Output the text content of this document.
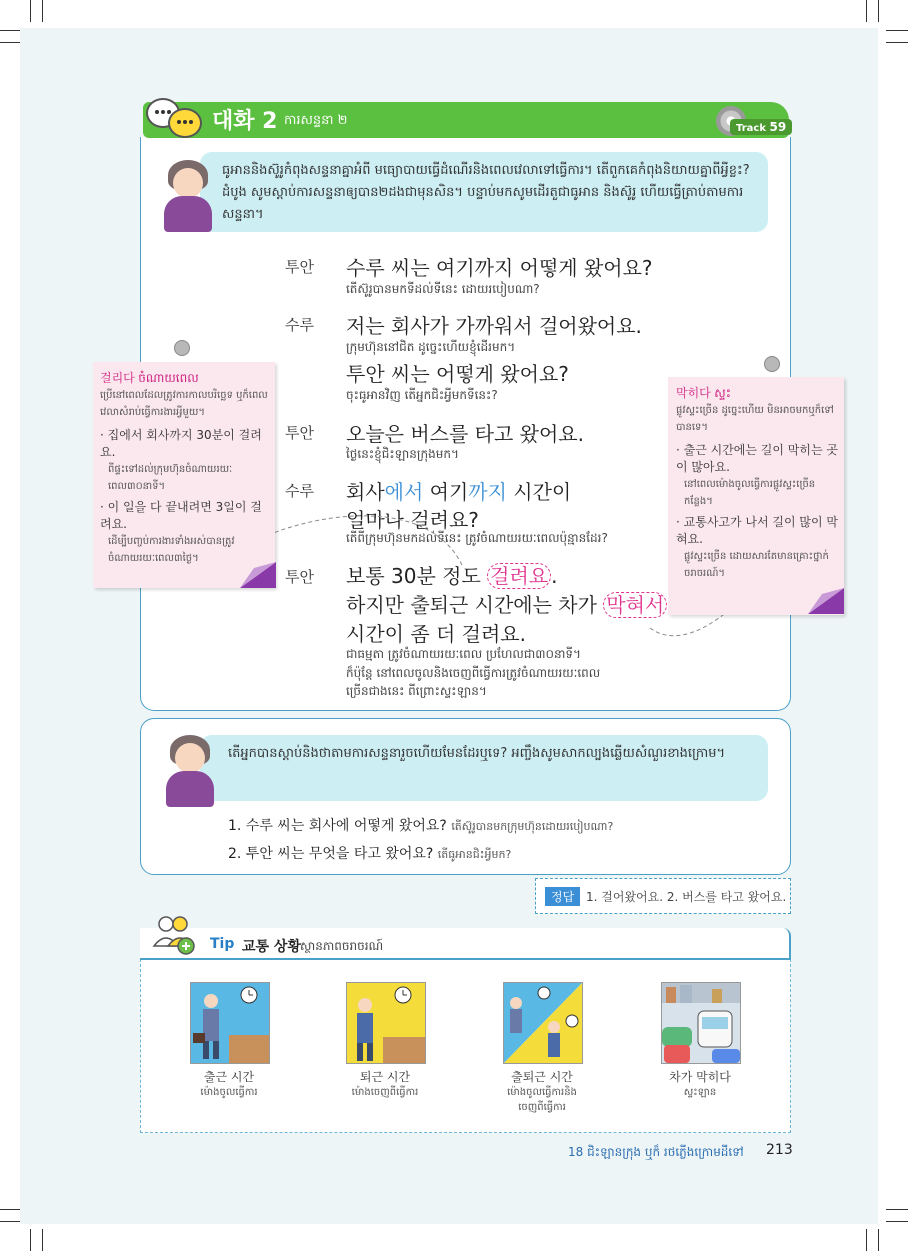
대화 2 ការសន្ទនា ២
Track 59
ធូអាន​និងស៊ូរូកំពុងសន្ទនាគ្នាអំពី មធ្យោបាយធ្វើដំណើរនិងពេលវេលាទៅធ្វើការ។ តើពួកគេកំពុងនិយាយគ្នាពីអ្វីខ្លះ? ដំបូង សូមស្តាប់ការសន្ទនាឲ្យបាន២ដងជាមុនសិន។ បន្ទាប់មកសូមដើរតួជាធូអាន និងស៊ូរូ ហើយធ្វើត្រាប់តាមការសន្ទនា។
투안 수루 씨는 여기까지 어떻게 왔어요?
តើស៊ូរូបានមកទីដល់ទីនេះ ដោយរបៀបណា?
수루 저는 회사가 가까워서 걸어왔어요.
ក្រុមហ៊ុននៅជិត ដូច្នេះហើយខ្ញុំដើរមក។
투안 씨는 어떻게 왔어요?
ចុះធូអានវិញ តើអ្នកជិះអ្វីមកទីនេះ?
투안 오늘은 버스를 타고 왔어요.
ថ្ងៃនេះខ្ញុំជិះឡានក្រុងមក។
수루 회사에서 여기까지 시간이
얼마나 걸려요?
តើពីក្រុមហ៊ុនមកដល់ទីនេះ ត្រូវចំណាយរយៈពេលប៉ុន្មានដែរ?
투안 보통 30분 정도 걸려요 .
하지만 출퇴근 시간에는 차가 막혀서
시간이 좀 더 걸려요.
ជាធម្មតា ត្រូវចំណាយរយៈពេល ប្រហែលជា៣០នាទី។
ក៏ប៉ុន្តែ នៅពេលចូលនិងចេញពីធ្វើការត្រូវចំណាយរយៈពេល
ច្រើនជាងនេះ ពីព្រោះស្ទះឡាន។
걸리다 ចំណាយពេល
ប្រើនៅពេលដែលត្រូវការកាលបរិច្ឆេទ ឬក៏ពេលវេលាសំរាប់ធ្វើការងារអ្វីមួយ។
· 집에서 회사까지 30분이 걸려요.
ពីផ្ទះទៅដល់ក្រុមហ៊ុនចំណាយរយៈពេល៣០នាទី។
· 이 일을 다 끝내려면 3일이 걸려요.
ដើម្បីបញ្ចប់ការងារទាំងអស់បានត្រូវចំណាយរយៈពេល៣ថ្ងៃ។
막히다 ស្ទះ
ផ្លូវស្ទះច្រើន ដូច្នេះហើយ មិនអាចមកឬក៏ទៅបានទេ។
· 출근 시간에는 길이 막히는 곳이 많아요.
នៅពេលម៉ោងចូលធ្វើការផ្លូវស្ទះច្រើនកន្លែង។
· 교통사고가 나서 길이 많이 막혀요.
ផ្លូវស្ទះច្រើន ដោយសារតែមានគ្រោះថ្នាក់ចរាចរណ៍។
តើអ្នកបានស្តាប់និងថាតាមការសន្ទនារួចហើយមែនដែរឬទេ? អញ្ចឹងសូមសាកល្បងឆ្លើយសំណួរខាងក្រោម។
1. 수루 씨는 회사에 어떻게 왔어요? តើស៊ូរូបានមកក្រុមហ៊ុនដោយរបៀបណា?
2. 투안 씨는 무엇을 타고 왔어요? តើធូអានជិះអ្វីមក?
정답 1. 걸어왔어요. 2. 버스를 타고 왔어요.
Tip 교통 상황 ស្ថានភាពចរាចរណ៍
출근 시간
ម៉ោងចូលធ្វើការ
퇴근 시간
ម៉ោងចេញពីធ្វើការ
출퇴근 시간
ម៉ោងចូលធ្វើការនិងចេញពីធ្វើការ
차가 막히다
ស្ទះឡាន
18 ជិះឡានក្រុង ឬក៏ រថភ្លើងក្រោមដីទៅ 213
